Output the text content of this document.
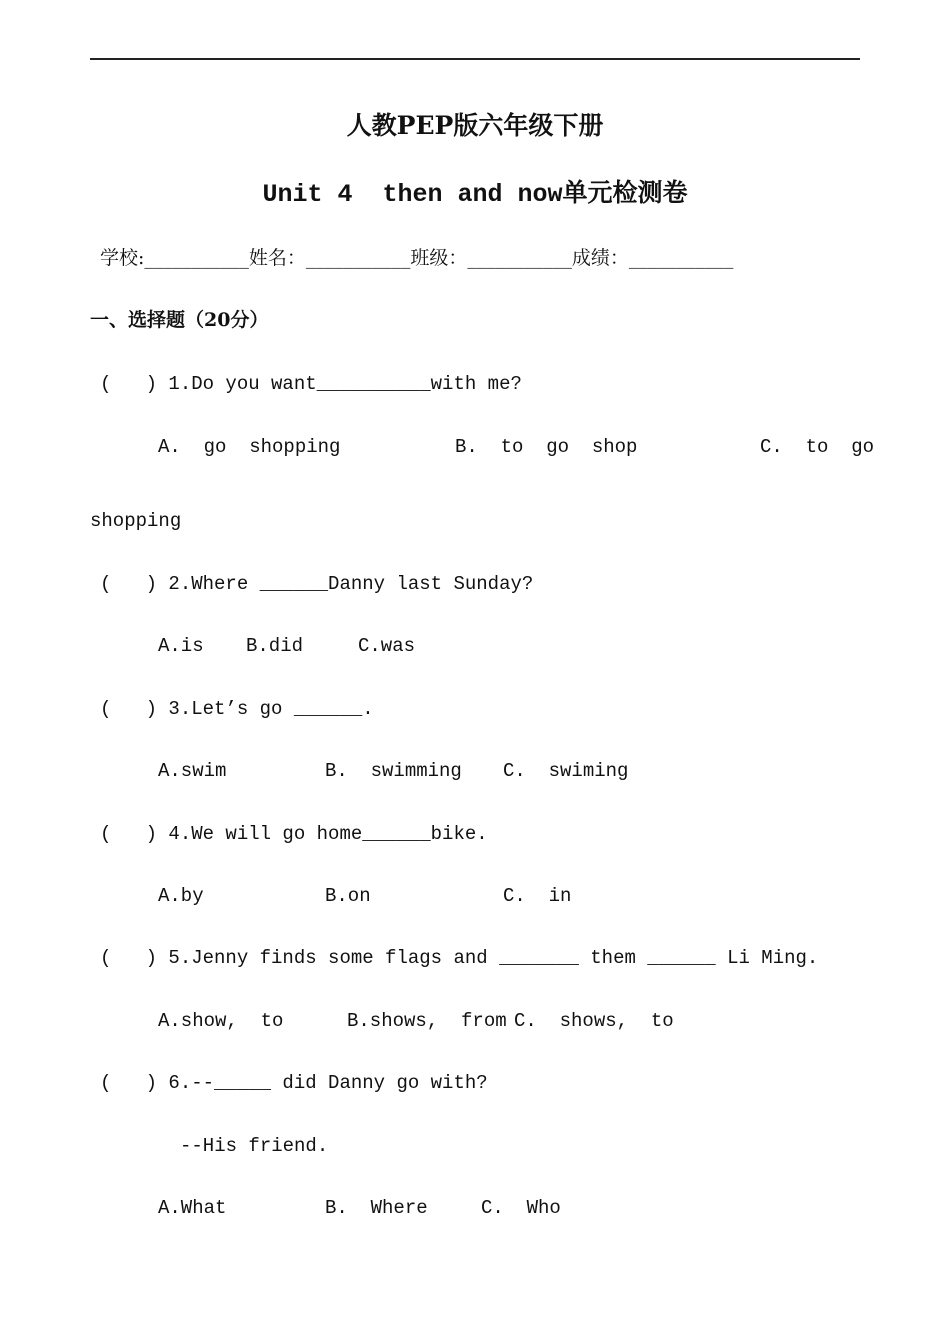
人教PEP版六年级下册
Unit 4  then and now单元检测卷
学校:___________姓名：___________班级：___________成绩：___________
一、选择题（20分）
(   ) 1.Do you want__________with me?
A.  go  shopping	B.  to  go  shop	C.  to  go
shopping
(   ) 2.Where ______Danny last Sunday?
A.is B.did	C.was
(   ) 3.Let’s go ______.
A.swim	B.  swimming C.  swiming
(   ) 4.We will go home______bike.
A.by	B.on	C.  in
(   ) 5.Jenny finds some flags and _______ them ______ Li Ming.
A.show,  to	B.shows,  from C.  shows,  to
(   ) 6.--_____ did Danny go with?
--His friend.
A.What	B.  Where	C.  Who
